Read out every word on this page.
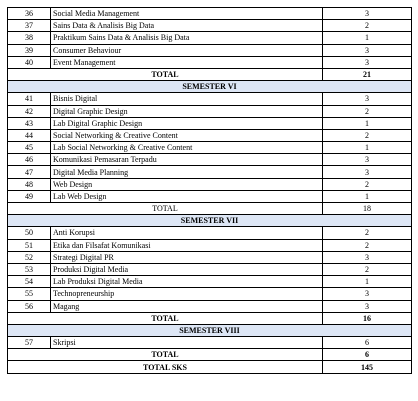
36	Social Media Management	3
37	Sains Data & Analisis Big Data	2
38	Praktikum Sains Data & Analisis Big Data	1
39	Consumer Behaviour	3
40	Event Management	3
TOTAL		21
SEMESTER VI		
41	Bisnis Digital	3
42	Digital Graphic Design	2
43	Lab Digital Graphic Design	1
44	Social Networking & Creative Content	2
45	Lab Social Networking & Creative Content	1
46	Komunikasi Pemasaran Terpadu	3
47	Digital Media Planning	3
48	Web Design	2
49	Lab Web Design	1
TOTAL		18
SEMESTER VII		
50	Anti Korupsi	2
51	Etika dan Filsafat Komunikasi	2
52	Strategi Digital PR	3
53	Produksi Digital Media	2
54	Lab Produksi Digital Media	1
55	Technopreneurship	3
56	Magang	3
TOTAL		16
SEMESTER VIII		
57	Skripsi	6
TOTAL		6
TOTAL SKS		145
